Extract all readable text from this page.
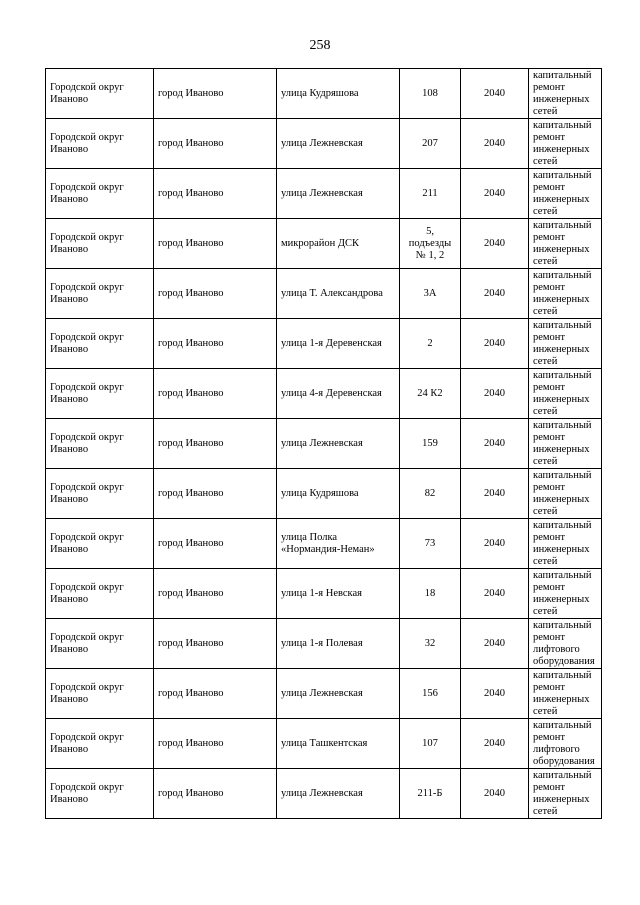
258
Городской округ Иваново	город Иваново	улица Кудряшова	108	2040	капитальный ремонт инженерных сетей
Городской округ Иваново	город Иваново	улица Лежневская	207	2040	капитальный ремонт инженерных сетей
Городской округ Иваново	город Иваново	улица Лежневская	211	2040	капитальный ремонт инженерных сетей
Городской округ Иваново	город Иваново	микрорайон ДСК	5, подъезды № 1, 2	2040	капитальный ремонт инженерных сетей
Городской округ Иваново	город Иваново	улица Т. Александрова	3А	2040	капитальный ремонт инженерных сетей
Городской округ Иваново	город Иваново	улица 1-я Деревенская	2	2040	капитальный ремонт инженерных сетей
Городской округ Иваново	город Иваново	улица 4-я Деревенская	24 К2	2040	капитальный ремонт инженерных сетей
Городской округ Иваново	город Иваново	улица Лежневская	159	2040	капитальный ремонт инженерных сетей
Городской округ Иваново	город Иваново	улица Кудряшова	82	2040	капитальный ремонт инженерных сетей
Городской округ Иваново	город Иваново	улица Полка «Нормандия-Неман»	73	2040	капитальный ремонт инженерных сетей
Городской округ Иваново	город Иваново	улица 1-я Невская	18	2040	капитальный ремонт инженерных сетей
Городской округ Иваново	город Иваново	улица 1-я Полевая	32	2040	капитальный ремонт лифтового оборудования
Городской округ Иваново	город Иваново	улица Лежневская	156	2040	капитальный ремонт инженерных сетей
Городской округ Иваново	город Иваново	улица Ташкентская	107	2040	капитальный ремонт лифтового оборудования
Городской округ Иваново	город Иваново	улица Лежневская	211-Б	2040	капитальный ремонт инженерных сетей
